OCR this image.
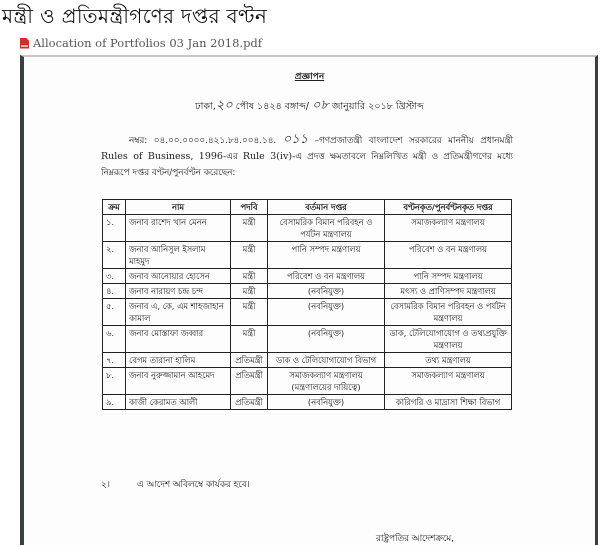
মন্ত্রী ও প্রতিমন্ত্রীগণের দপ্তর বণ্টন
Allocation of Portfolios 03 Jan 2018.pdf
প্রজ্ঞাপন
ঢাকা,২০ পৌষ ১৪২৪ বঙ্গাব্দ/ ০৮ জানুয়ারি ২০১৮ খ্রিস্টাব্দ
নম্বর: ০৪.০০.০০০০.৪২১.৮৪.০০৪.১৪. ০১১ –গণপ্রজাতন্ত্রী বাংলাদেশ সরকারের মাননীয় প্রধানমন্ত্রী Rules of Business, 1996-এর Rule 3(iv)-এ প্রদত্ত ক্ষমতাবলে নিম্নলিখিত মন্ত্রী ও প্রতিমন্ত্রীগণের মধ্যে নিম্নরূপে দপ্তর বণ্টন/পুনর্বণ্টন করেছেন:
ক্রম	নাম	পদবি	বর্তমান দপ্তর	বণ্টনকৃত/পুনর্বণ্টনকৃত দপ্তর
১.	জনাব রাশেদ খান মেনন	মন্ত্রী	বেসামরিক বিমান পরিবহন ও পর্যটন মন্ত্রণালয়	সমাজকল্যাণ মন্ত্রণালয়
২.	জনাব আনিসুল ইসলাম মাহমুদ	মন্ত্রী	পানি সম্পদ মন্ত্রণালয়	পরিবেশ ও বন মন্ত্রণালয়
৩.	জনাব আনোয়ার হোসেন	মন্ত্রী	পরিবেশ ও বন মন্ত্রণালয়	পানি সম্পদ মন্ত্রণালয়
৪.	জনাব নারায়ণ চন্দ্র চন্দ	মন্ত্রী	(নবনিযুক্ত)	মৎস্য ও প্রাণিসম্পদ মন্ত্রণালয়
৫.	জনাব এ, কে, এম শাহজাহান কামাল	মন্ত্রী	(নবনিযুক্ত)	বেসামরিক বিমান পরিবহন ও পর্যটন মন্ত্রণালয়
৬.	জনাব মোস্তাফা জব্বার	মন্ত্রী	(নবনিযুক্ত)	ডাক, টেলিযোগাযোগ ও তথ্যপ্রযুক্তি মন্ত্রণালয়
৭.	বেগম তারানা হালিম	প্রতিমন্ত্রী	ডাক ও টেলিযোগাযোগ বিভাগ	তথ্য মন্ত্রণালয়
৮.	জনাব নুরুজ্জামান আহমেদ	প্রতিমন্ত্রী	সমাজকল্যাণ মন্ত্রণালয় (মন্ত্রণালয়ের দায়িত্বে)	সমাজকল্যাণ মন্ত্রণালয়
৯.	কাজী কেরামত আলী	প্রতিমন্ত্রী	(নবনিযুক্ত)	কারিগরি ও মাদ্রাসা শিক্ষা বিভাগ
২।	এ আদেশ অবিলম্বে কার্যকর হবে।
রাষ্ট্রপতির আদেশক্রমে,
